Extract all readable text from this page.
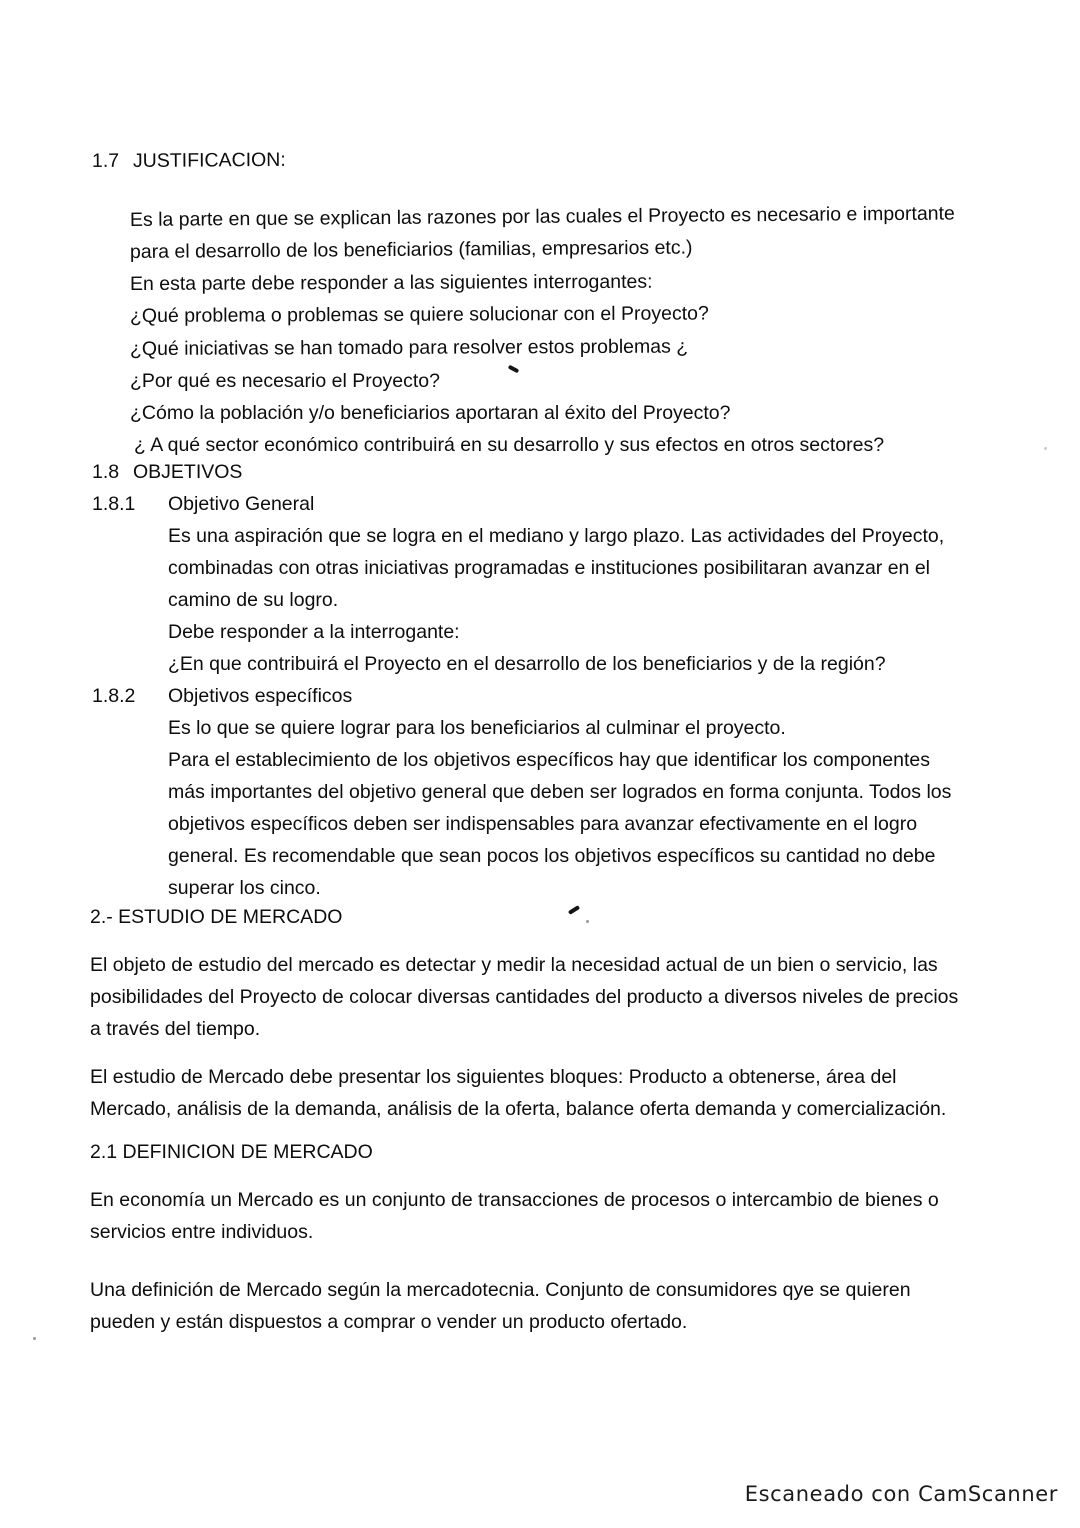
1.7 JUSTIFICACION:
Es la parte en que se explican las razones por las cuales el Proyecto es necesario e importante
para el desarrollo de los beneficiarios (familias, empresarios etc.)
En esta parte debe responder a las siguientes interrogantes:
¿Qué problema o problemas se quiere solucionar con el Proyecto?
¿Qué iniciativas se han tomado para resolver estos problemas ¿
¿Por qué es necesario el Proyecto?
¿Cómo la población y/o beneficiarios aportaran al éxito del Proyecto?
¿ A qué sector económico contribuirá en su desarrollo y sus efectos en otros sectores?
1.8 OBJETIVOS
1.8.1 Objetivo General
Es una aspiración que se logra en el mediano y largo plazo. Las actividades del Proyecto,
combinadas con otras iniciativas programadas e instituciones posibilitaran avanzar en el
camino de su logro.
Debe responder a la interrogante:
¿En que contribuirá el Proyecto en el desarrollo de los beneficiarios y de la región?
1.8.2 Objetivos específicos
Es lo que se quiere lograr para los beneficiarios al culminar el proyecto.
Para el establecimiento de los objetivos específicos hay que identificar los componentes
más importantes del objetivo general que deben ser logrados en forma conjunta. Todos los
objetivos específicos deben ser indispensables para avanzar efectivamente en el logro
general. Es recomendable que sean pocos los objetivos específicos su cantidad no debe
superar los cinco.
2.- ESTUDIO DE MERCADO
El objeto de estudio del mercado es detectar y medir la necesidad actual de un bien o servicio, las
posibilidades del Proyecto de colocar diversas cantidades del producto a diversos niveles de precios
a través del tiempo.
El estudio de Mercado debe presentar los siguientes bloques: Producto a obtenerse, área del
Mercado, análisis de la demanda, análisis de la oferta, balance oferta demanda y comercialización.
2.1 DEFINICION DE MERCADO
En economía un Mercado es un conjunto de transacciones de procesos o intercambio de bienes o
servicios entre individuos.
Una definición de Mercado según la mercadotecnia. Conjunto de consumidores qye se quieren
pueden y están dispuestos a comprar o vender un producto ofertado.
Escaneado con CamScanner
